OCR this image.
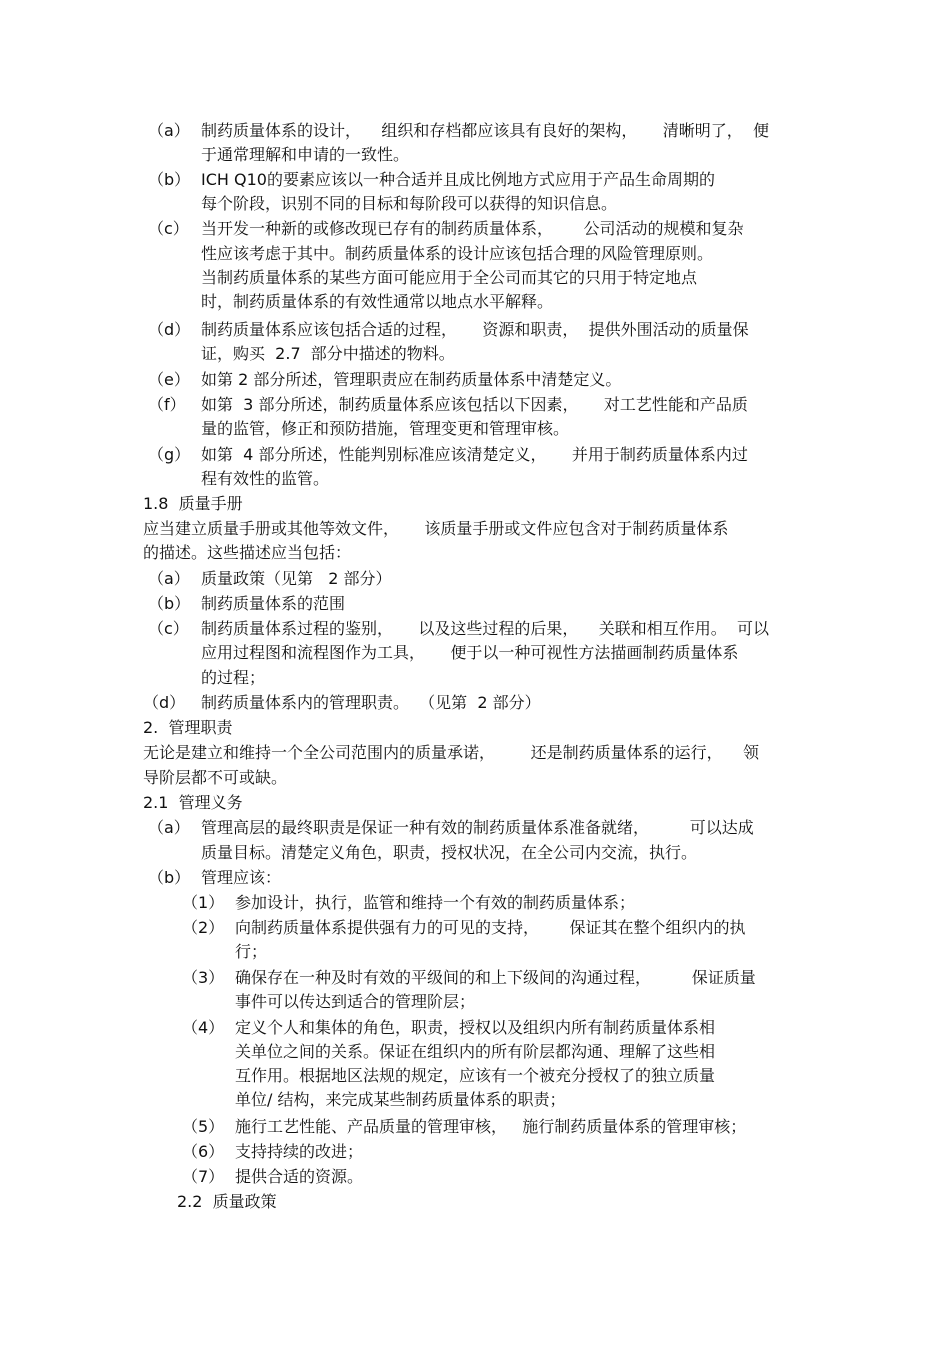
（a） 制药质量体系的设计，    组织和存档都应该具有良好的架构，     清晰明了，  便
于通常理解和申请的一致性。
（b） ICH Q10的要素应该以一种合适并且成比例地方式应用于产品生命周期的
每个阶段，识别不同的目标和每阶段可以获得的知识信息。
（c） 当开发一种新的或修改现已存有的制药质量体系，      公司活动的规模和复杂
性应该考虑于其中。制药质量体系的设计应该包括合理的风险管理原则。
当制药质量体系的某些方面可能应用于全公司而其它的只用于特定地点
时，制药质量体系的有效性通常以地点水平解释。
（d） 制药质量体系应该包括合适的过程，     资源和职责，  提供外围活动的质量保
证，购买  2.7  部分中描述的物料。
（e） 如第 2 部分所述，管理职责应在制药质量体系中清楚定义。
（f） 如第  3 部分所述，制药质量体系应该包括以下因素，     对工艺性能和产品质
量的监管，修正和预防措施，管理变更和管理审核。
（g） 如第  4 部分所述，性能判别标准应该清楚定义，     并用于制药质量体系内过
程有效性的监管。
1.8  质量手册
应当建立质量手册或其他等效文件，     该质量手册或文件应包含对于制药质量体系
的描述。这些描述应当包括：
（a） 质量政策（见第   2 部分）
（b） 制药质量体系的范围
（c） 制药质量体系过程的鉴别，     以及这些过程的后果，    关联和相互作用。  可以
应用过程图和流程图作为工具，     便于以一种可视性方法描画制药质量体系
的过程；
（d） 制药质量体系内的管理职责。  （见第  2 部分）
2.  管理职责
无论是建立和维持一个全公司范围内的质量承诺，       还是制药质量体系的运行，    领
导阶层都不可或缺。
2.1  管理义务
（a） 管理高层的最终职责是保证一种有效的制药质量体系准备就绪，        可以达成
质量目标。清楚定义角色，职责，授权状况，在全公司内交流，执行。
（b） 管理应该：
（1） 参加设计，执行，监管和维持一个有效的制药质量体系；
（2） 向制药质量体系提供强有力的可见的支持，      保证其在整个组织内的执
行；
（3） 确保存在一种及时有效的平级间的和上下级间的沟通过程，        保证质量
事件可以传达到适合的管理阶层；
（4） 定义个人和集体的角色，职责，授权以及组织内所有制药质量体系相
关单位之间的关系。保证在组织内的所有阶层都沟通、理解了这些相
互作用。根据地区法规的规定，应该有一个被充分授权了的独立质量
单位/ 结构，来完成某些制药质量体系的职责；
（5） 施行工艺性能、产品质量的管理审核，   施行制药质量体系的管理审核；
（6） 支持持续的改进；
（7） 提供合适的资源。
2.2  质量政策
